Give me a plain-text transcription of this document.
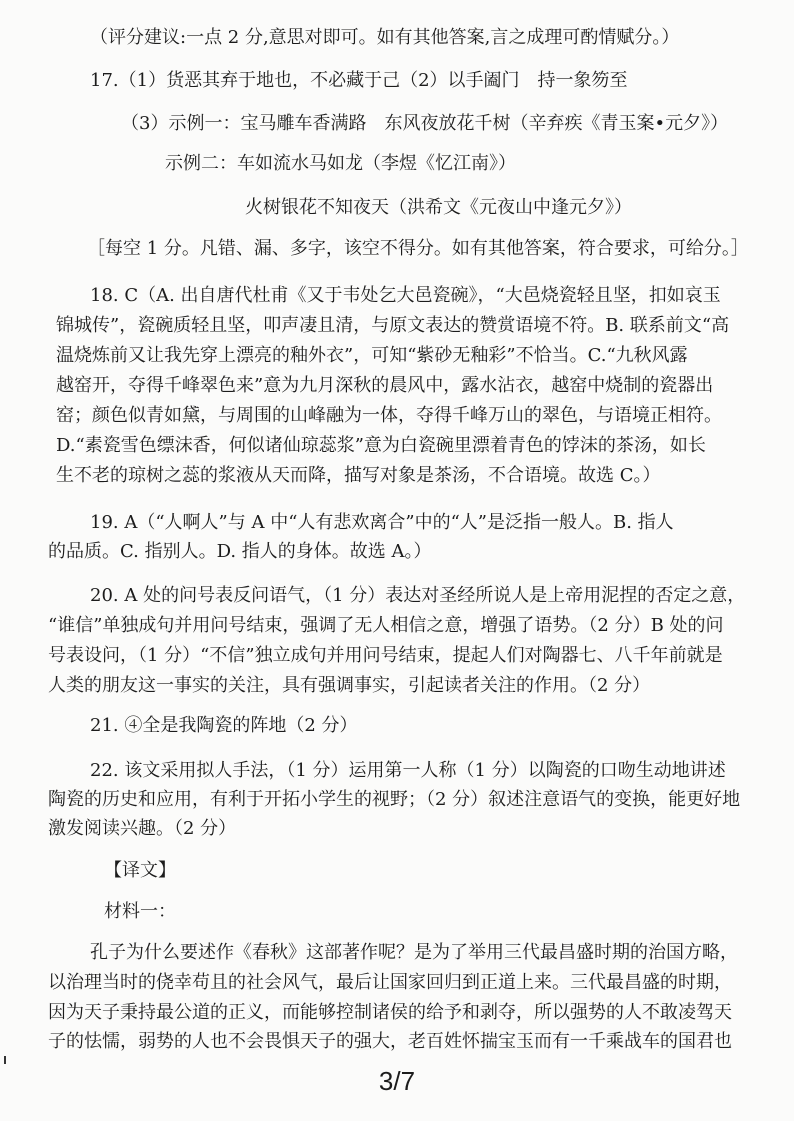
（评分建议:一点 2 分,意思对即可。如有其他答案,言之成理可酌情赋分。）
17.（1）货恶其弃于地也，不必藏于己（2）以手阖门　持一象笏至
（3）示例一：宝马雕车香满路　东风夜放花千树（辛弃疾《青玉案•元夕》）
示例二：车如流水马如龙（李煜《忆江南》）
火树银花不知夜天（洪希文《元夜山中逢元夕》）
［每空 1 分。凡错、漏、多字，该空不得分。如有其他答案，符合要求，可给分。］
18. C（A. 出自唐代杜甫《又于韦处乞大邑瓷碗》，“大邑烧瓷轻且坚，扣如哀玉
锦城传”，瓷碗质轻且坚，叩声凄且清，与原文表达的赞赏语境不符。B. 联系前文“高
温烧炼前又让我先穿上漂亮的釉外衣”，可知“紫砂无釉彩”不恰当。C.“九秋风露
越窑开，夺得千峰翠色来”意为九月深秋的晨风中，露水沾衣，越窑中烧制的瓷器出
窑；颜色似青如黛，与周围的山峰融为一体，夺得千峰万山的翠色，与语境正相符。
D.“素瓷雪色缥沫香，何似诸仙琼蕊浆”意为白瓷碗里漂着青色的饽沫的茶汤，如长
生不老的琼树之蕊的浆液从天而降，描写对象是茶汤，不合语境。故选 C。）
19. A（“人啊人”与 A 中“人有悲欢离合”中的“人”是泛指一般人。B. 指人
的品质。C. 指别人。D. 指人的身体。故选 A。）
20. A 处的问号表反问语气，（1 分）表达对圣经所说人是上帝用泥捏的否定之意，
“谁信”单独成句并用问号结束，强调了无人相信之意，增强了语势。（2 分）B 处的问
号表设问，（1 分）“不信”独立成句并用问号结束，提起人们对陶器七、八千年前就是
人类的朋友这一事实的关注，具有强调事实，引起读者关注的作用。（2 分）
21. ④全是我陶瓷的阵地（2 分）
22. 该文采用拟人手法，（1 分）运用第一人称（1 分）以陶瓷的口吻生动地讲述
陶瓷的历史和应用，有利于开拓小学生的视野；（2 分）叙述注意语气的变换，能更好地
激发阅读兴趣。（2 分）
【译文】
材料一：
孔子为什么要述作《春秋》这部著作呢？是为了举用三代最昌盛时期的治国方略，
以治理当时的侥幸苟且的社会风气，最后让国家回归到正道上来。三代最昌盛的时期，
因为天子秉持最公道的正义，而能够控制诸侯的给予和剥夺，所以强势的人不敢凌驾天
子的怯懦，弱势的人也不会畏惧天子的强大，老百姓怀揣宝玉而有一千乘战车的国君也
3/7
